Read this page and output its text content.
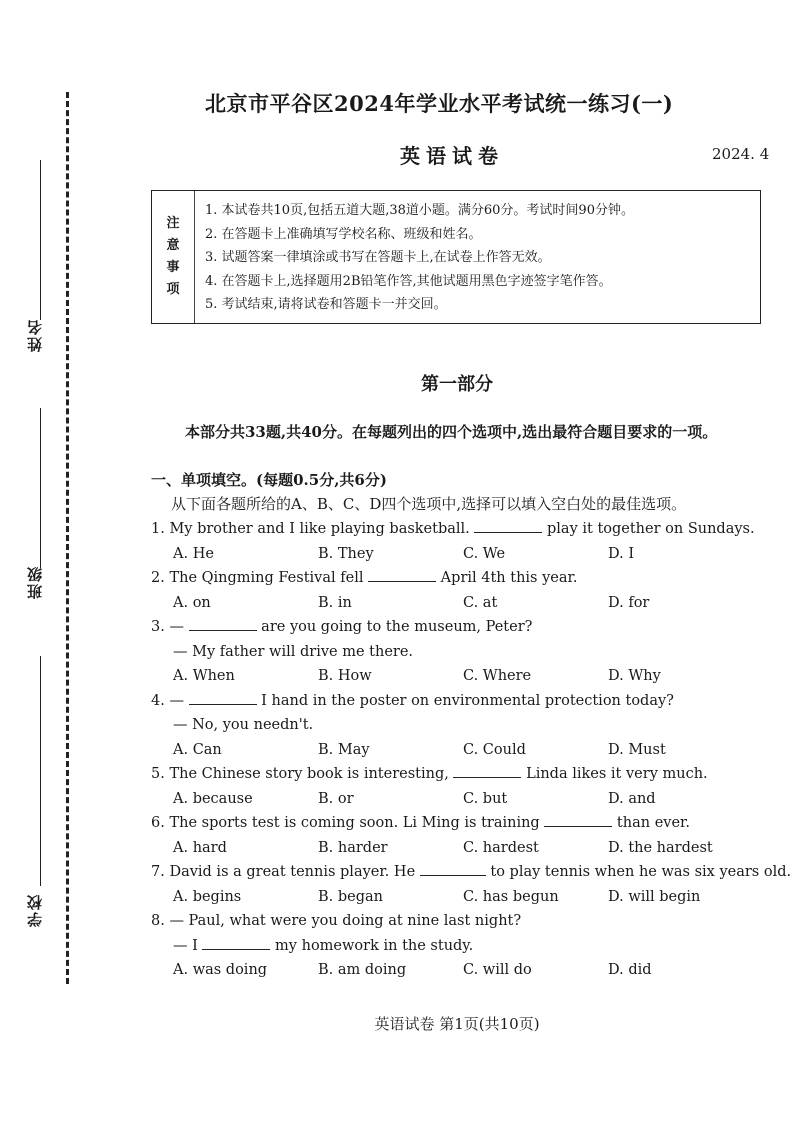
姓名
班级
学校
北京市平谷区2024年学业水平考试统一练习(一)
英语试卷	2024. 4
注
意
事
项
1. 本试卷共10页,包括五道大题,38道小题。满分60分。考试时间90分钟。
2. 在答题卡上准确填写学校名称、班级和姓名。
3. 试题答案一律填涂或书写在答题卡上,在试卷上作答无效。
4. 在答题卡上,选择题用2B铅笔作答,其他试题用黑色字迹签字笔作答。
5. 考试结束,请将试卷和答题卡一并交回。
第一部分
本部分共33题,共40分。在每题列出的四个选项中,选出最符合题目要求的一项。
一、单项填空。(每题0.5分,共6分)
从下面各题所给的A、B、C、D四个选项中,选择可以填入空白处的最佳选项。
1. My brother and I like playing basketball.	play it together on Sundays.
A. He	B. They	C. We	D. I
2. The Qingming Festival fell	April 4th this year.
A. on	B. in	C. at	D. for
3. —	are you going to the museum, Peter?
— My father will drive me there.
A. When	B. How	C. Where	D. Why
4. —	I hand in the poster on environmental protection today?
— No, you needn't.
A. Can	B. May	C. Could	D. Must
5. The Chinese story book is interesting,	Linda likes it very much.
A. because	B. or	C. but	D. and
6. The sports test is coming soon. Li Ming is training	than ever.
A. hard	B. harder	C. hardest	D. the hardest
7. David is a great tennis player. He	to play tennis when he was six years old.
A. begins	B. began	C. has begun	D. will begin
8. — Paul, what were you doing at nine last night?
— I	my homework in the study.
A. was doing	B. am doing	C. will do	D. did
英语试卷 第1页(共10页)
